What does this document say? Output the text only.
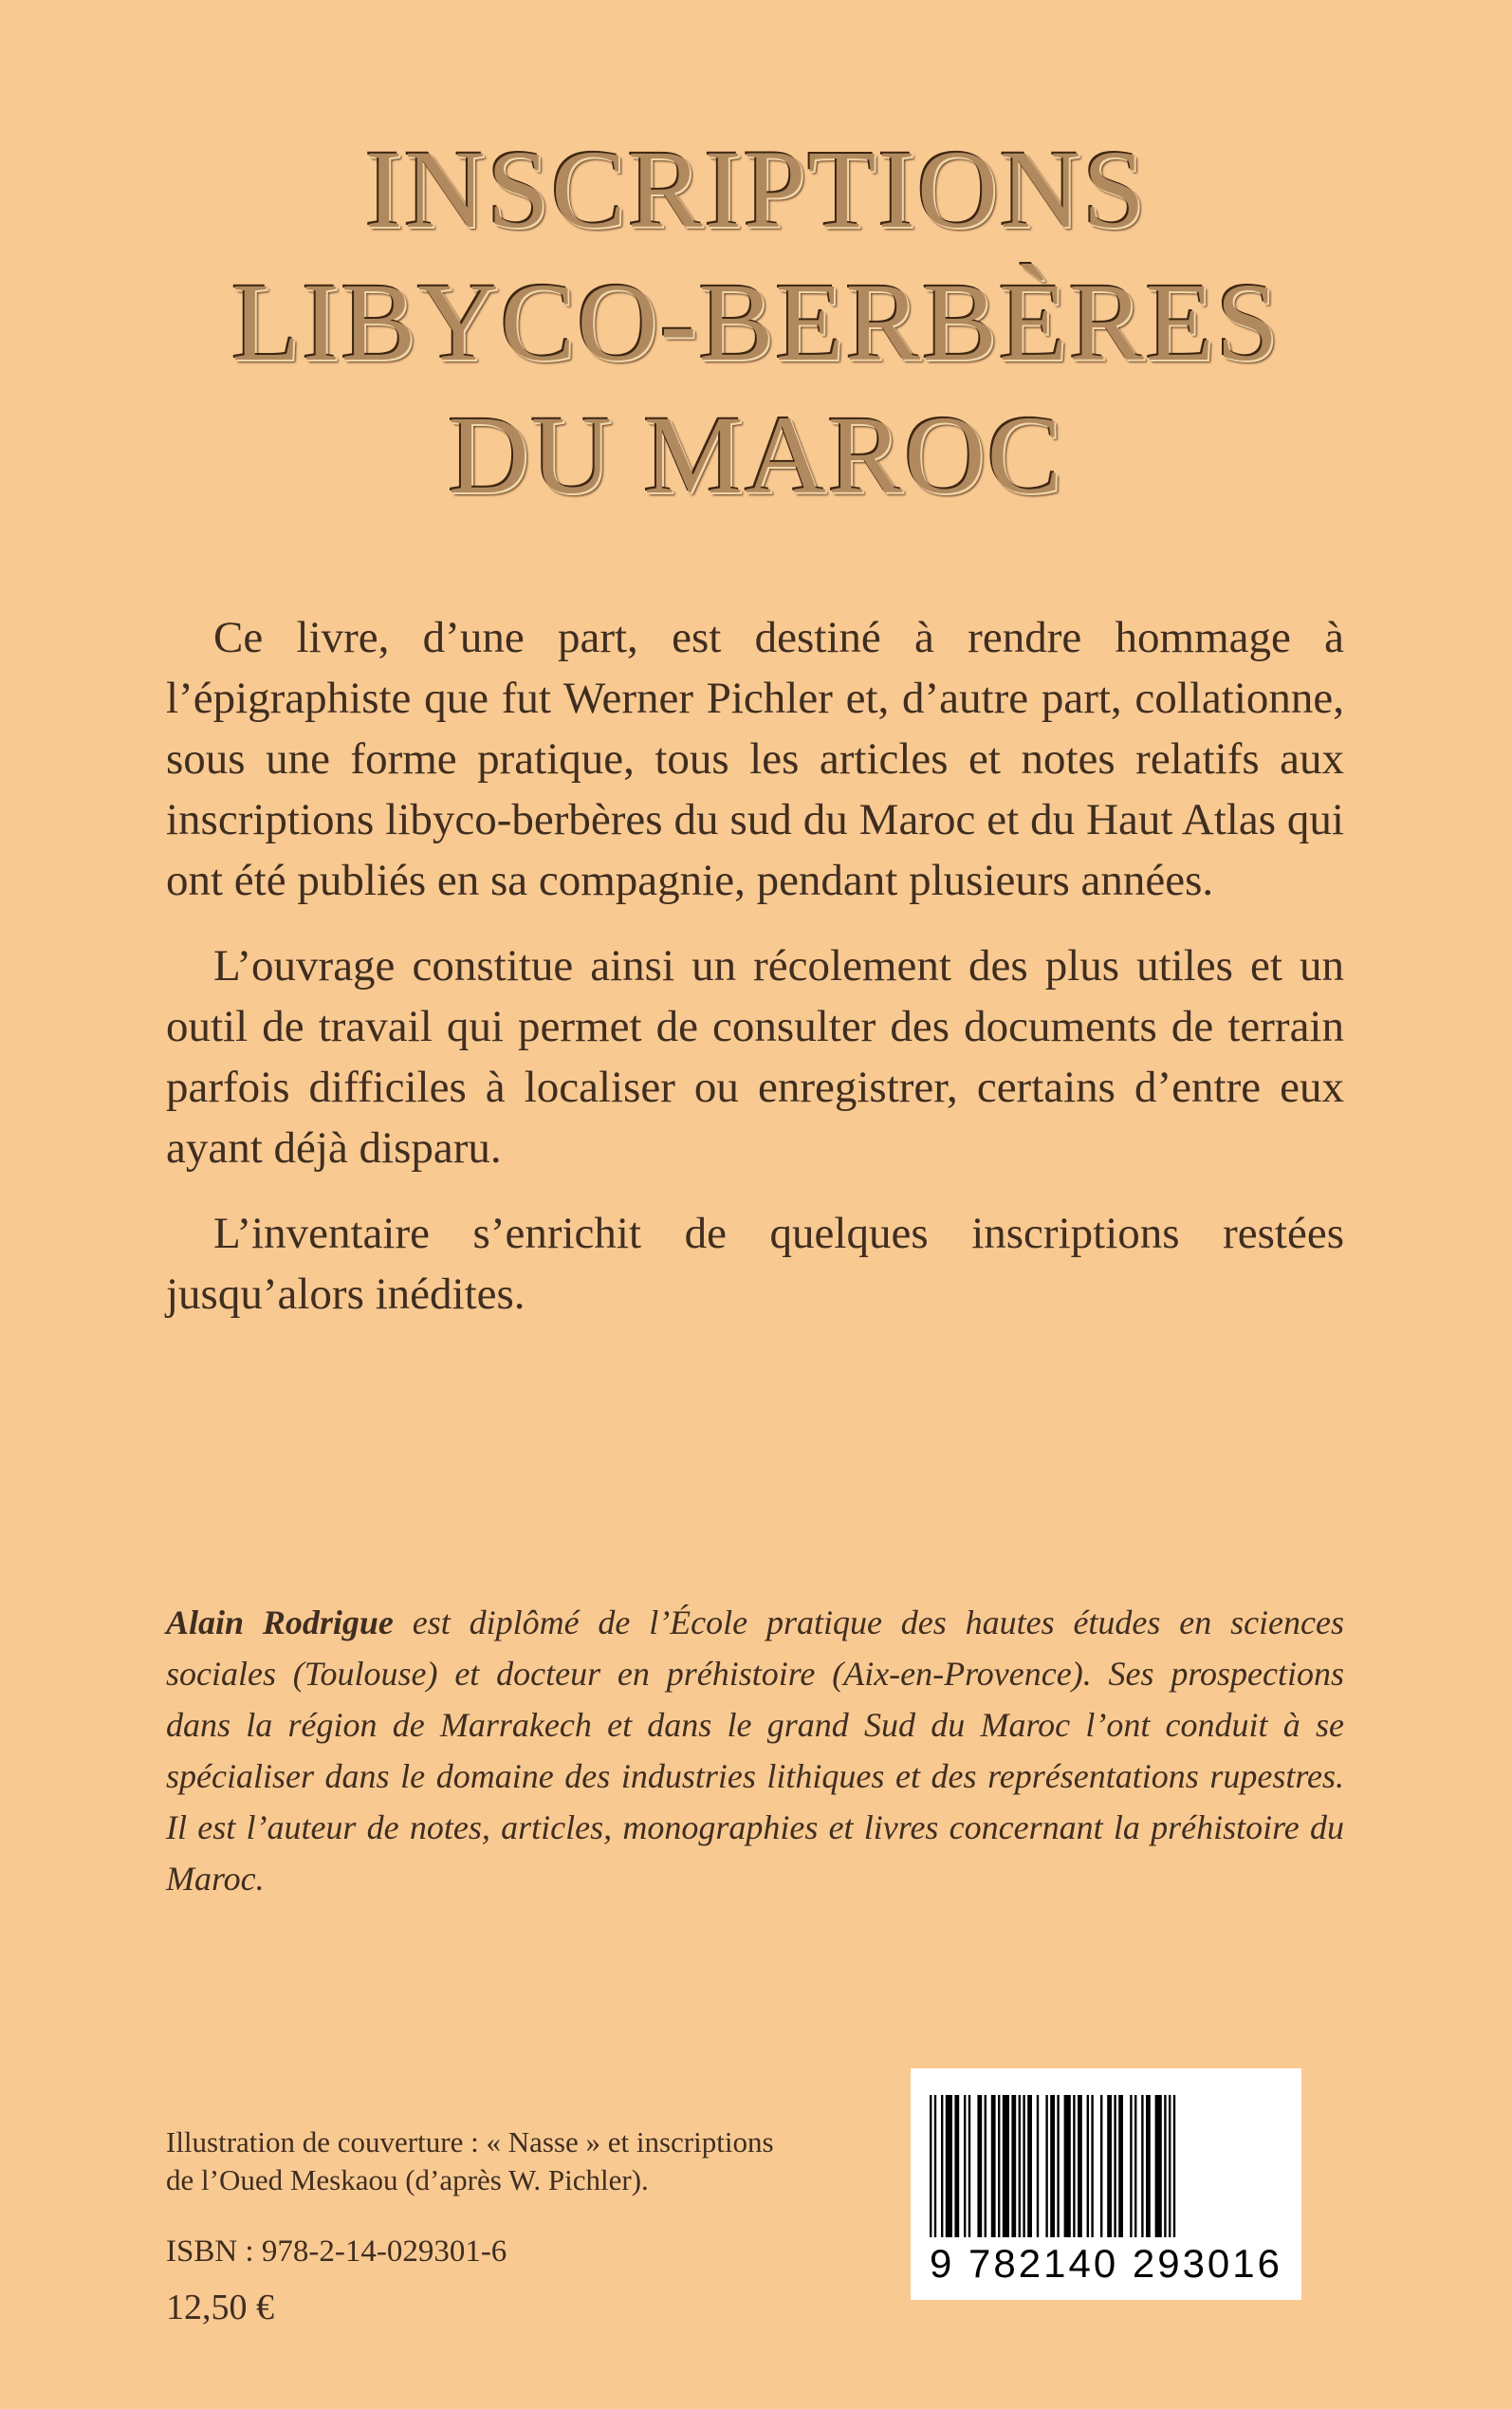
INSCRIPTIONS
LIBYCO-BERBÈRES
DU MAROC

Ce livre, d’une part, est destiné à rendre hommage à l’épigraphiste que fut Werner Pichler et, d’autre part, collationne, sous une forme pratique, tous les articles et notes relatifs aux inscriptions libyco-berbères du sud du Maroc et du Haut Atlas qui ont été publiés en sa compagnie, pendant plusieurs années.

L’ouvrage constitue ainsi un récolement des plus utiles et un outil de travail qui permet de consulter des documents de terrain parfois difficiles à localiser ou enregistrer, certains d’entre eux ayant déjà disparu.

L’inventaire s’enrichit de quelques inscriptions restées jusqu’alors inédites.

Alain Rodrigue est diplômé de l’École pratique des hautes études en sciences sociales (Toulouse) et docteur en préhistoire (Aix-en-Provence). Ses prospections dans la région de Marrakech et dans le grand Sud du Maroc l’ont conduit à se spécialiser dans le domaine des industries lithiques et des représentations rupestres. Il est l’auteur de notes, articles, monographies et livres concernant la préhistoire du Maroc.
Illustration de couverture : « Nasse » et inscriptions
de l’Oued Meskaou (d’après W. Pichler).
ISBN : 978-2-14-029301-6
12,50 €
9 782140 293016
